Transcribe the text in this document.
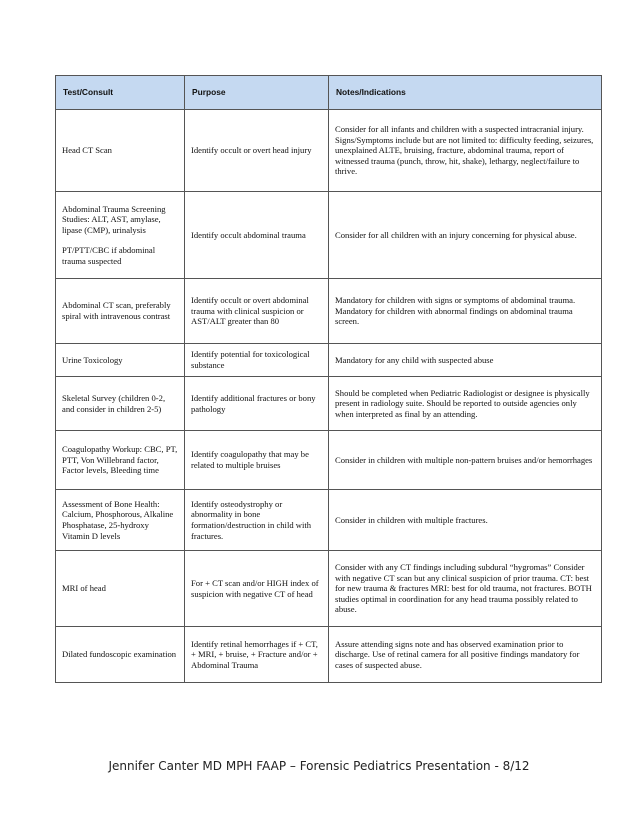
Test/Consult	Purpose	Notes/Indications

Head CT Scan	Identify occult or overt head injury	Consider for all infants and children with a suspected intracranial injury. Signs/Symptoms include but are not limited to: difficulty feeding, seizures, unexplained ALTE, bruising, fracture, abdominal trauma, report of witnessed trauma (punch, throw, hit, shake), lethargy, neglect/failure to thrive.

Abdominal Trauma Screening Studies: ALT, AST, amylase, lipase (CMP), urinalysis
PT/PTT/CBC if abdominal trauma suspected	Identify occult abdominal trauma	Consider for all children with an injury concerning for physical abuse.

Abdominal CT scan, preferably spiral with intravenous contrast	Identify occult or overt abdominal trauma with clinical suspicion or AST/ALT greater than 80	Mandatory for children with signs or symptoms of abdominal trauma. Mandatory for children with abnormal findings on abdominal trauma screen.

Urine Toxicology	Identify potential for toxicological substance	Mandatory for any child with suspected abuse

Skeletal Survey (children 0-2, and consider in children 2-5)	Identify additional fractures or bony pathology	Should be completed when Pediatric Radiologist or designee is physically present in radiology suite. Should be reported to outside agencies only when interpreted as final by an attending.

Coagulopathy Workup: CBC, PT, PTT, Von Willebrand factor, Factor levels, Bleeding time	Identify coagulopathy that may be related to multiple bruises	Consider in children with multiple non-pattern bruises and/or hemorrhages

Assessment of Bone Health: Calcium, Phosphorous, Alkaline Phosphatase, 25-hydroxy Vitamin D levels	Identify osteodystrophy or abnormality in bone formation/destruction in child with fractures.	Consider in children with multiple fractures.

MRI of head	For + CT scan and/or HIGH index of suspicion with negative CT of head	Consider with any CT findings including subdural “hygromas” Consider with negative CT scan but any clinical suspicion of prior trauma. CT: best for new trauma & fractures MRI: best for old trauma, not fractures. BOTH studies optimal in coordination for any head trauma possibly related to abuse.

Dilated fundoscopic examination	Identify retinal hemorrhages if + CT, + MRI, + bruise, + Fracture and/or + Abdominal Trauma	Assure attending signs note and has observed examination prior to discharge. Use of retinal camera for all positive findings mandatory for cases of suspected abuse.
Jennifer Canter MD MPH FAAP – Forensic Pediatrics Presentation - 8/12
